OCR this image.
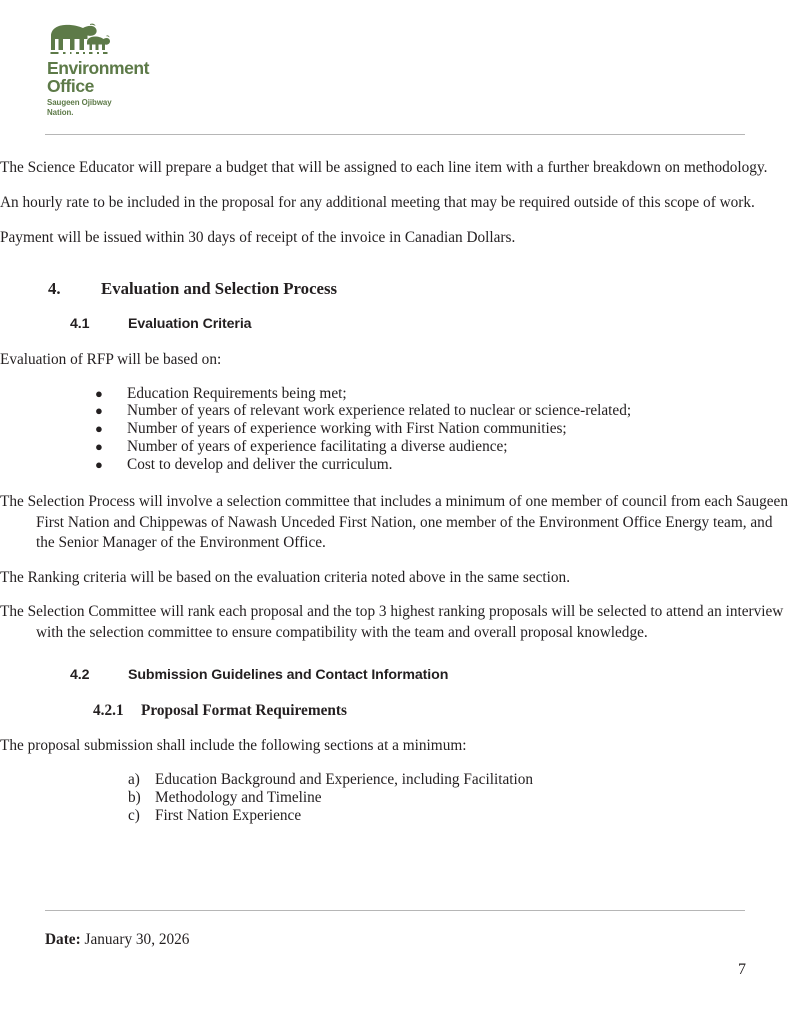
Environment
Office
Saugeen Ojibway
Nation.

The Science Educator will prepare a budget that will be assigned to each line item with a further breakdown on methodology.

An hourly rate to be included in the proposal for any additional meeting that may be required outside of this scope of work.

Payment will be issued within 30 days of receipt of the invoice in Canadian Dollars.

4. Evaluation and Selection Process
4.1	Evaluation Criteria

Evaluation of RFP will be based on:

● Education Requirements being met;
● Number of years of relevant work experience related to nuclear or science-related;
● Number of years of experience working with First Nation communities;
● Number of years of experience facilitating a diverse audience;
● Cost to develop and deliver the curriculum.

The Selection Process will involve a selection committee that includes a minimum of one member of council from each Saugeen First Nation and Chippewas of Nawash Unceded First Nation, one member of the Environment Office Energy team, and the Senior Manager of the Environment Office.

The Ranking criteria will be based on the evaluation criteria noted above in the same section.

The Selection Committee will rank each proposal and the top 3 highest ranking proposals will be selected to attend an interview with the selection committee to ensure compatibility with the team and overall proposal knowledge.

4.2	Submission Guidelines and Contact Information
4.2.1 Proposal Format Requirements

The proposal submission shall include the following sections at a minimum:

a) Education Background and Experience, including Facilitation
b) Methodology and Timeline
c) First Nation Experience
Date: January 30, 2026
7
